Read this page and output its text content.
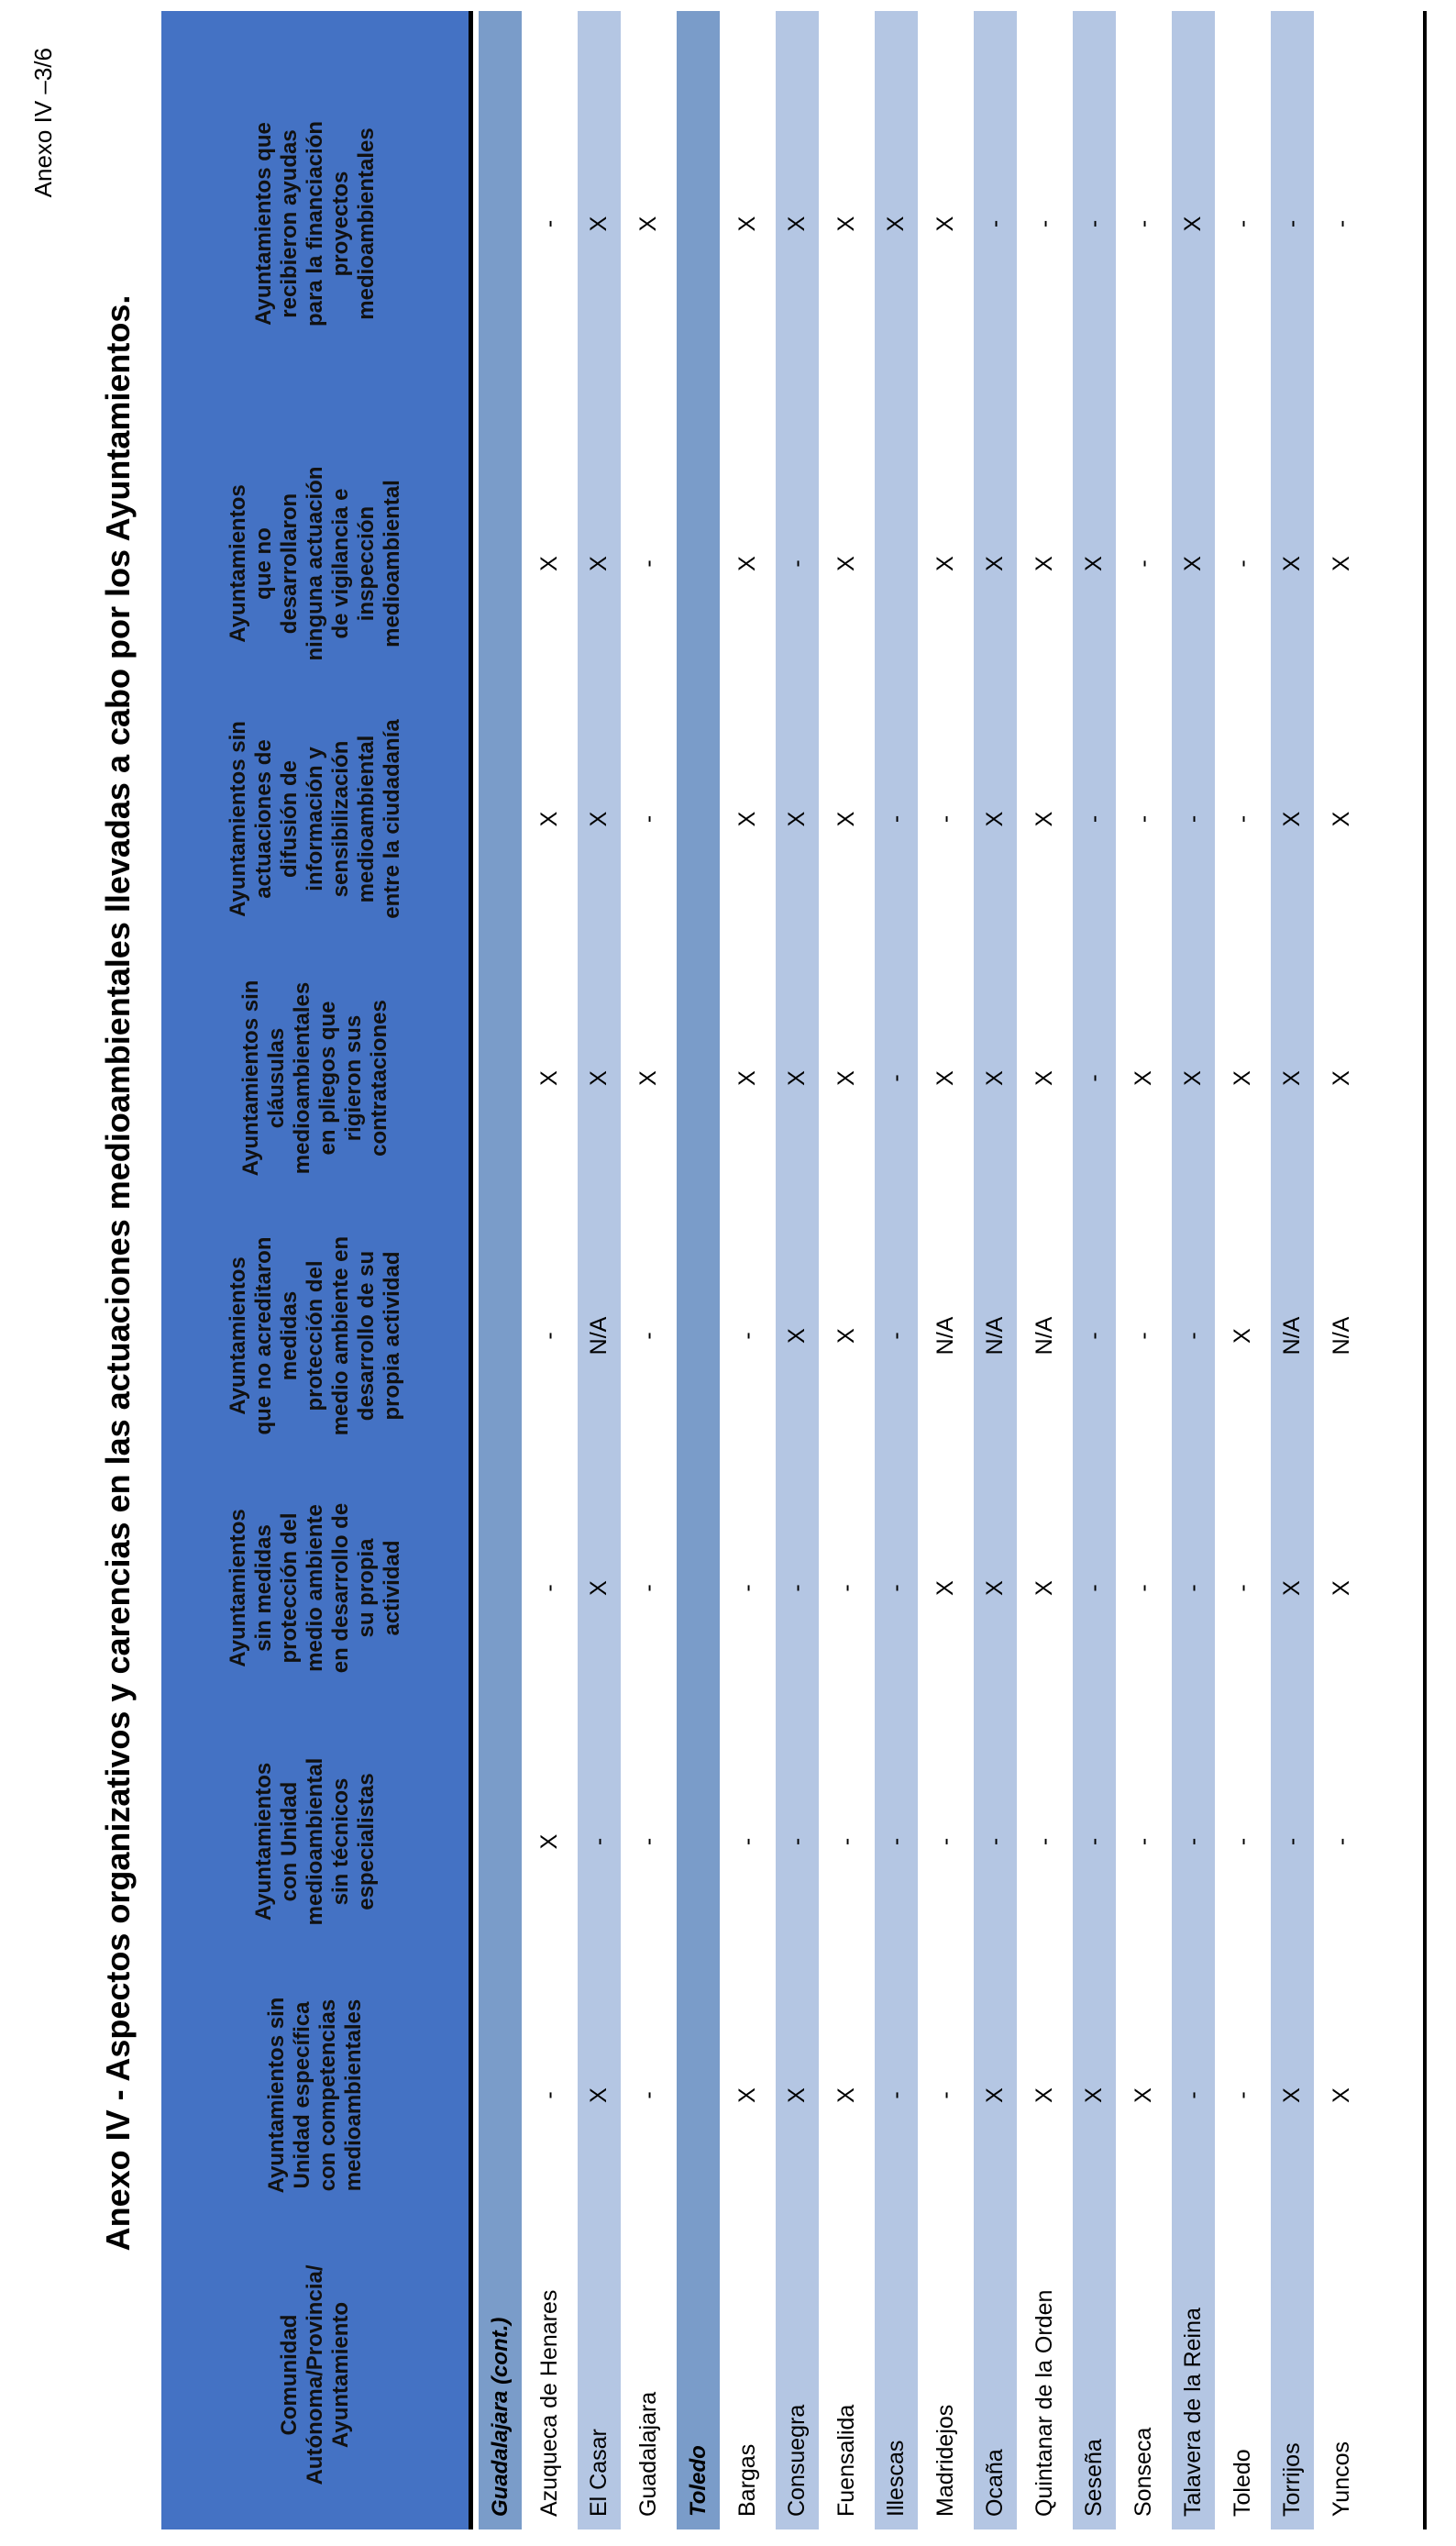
Anexo IV –3/6
Anexo IV - Aspectos organizativos y carencias en las actuaciones medioambientales llevadas a cabo por los Ayuntamientos.
Comunidad Autónoma/Provincia/ Ayuntamiento
Ayuntamientos sin Unidad específica con competencias medioambientales
Ayuntamientos con Unidad medioambiental sin técnicos especialistas
Ayuntamientos sin medidas protección del medio ambiente en desarrollo de su propia actividad
Ayuntamientos que no acreditaron medidas protección del medio ambiente en desarrollo de su propia actividad
Ayuntamientos sin cláusulas medioambientales en pliegos que rigieron sus contrataciones
Ayuntamientos sin actuaciones de difusión de información y sensibilización medioambiental entre la ciudadanía
Ayuntamientos que no desarrollaron ninguna actuación de vigilancia e inspección medioambiental
Ayuntamientos que recibieron ayudas para la financiación proyectos medioambientales
Guadalajara (cont.)	Azuqueca de Henares
-
X
-
-
X
X
X
-
El Casar
X
-
X
N/A
X
X
X
X
Guadalajara
-
-
-
-
X
-
-
X
Toledo	Bargas
X
-
-
-
X
X
X
X
Consuegra
X
-
-
X
X
X
-
X
Fuensalida
X
-
-
X
X
X
X
X
Illescas
-
-
-
-
-
-
X
Madridejos
-
-
X
N/A
X
-
X
X
Ocaña
X
-
X
N/A
X
X
X
-
Quintanar de la Orden
X
-
X
N/A
X
X
X
-
Seseña
X
-
-
-
-
-
X
-
Sonseca
X
-
-
-
X
-
-
-
Talavera de la Reina
-
-
-
-
X
-
X
X
Toledo
-
-
-
X
X
-
-
-
Torrijos
X
-
X
N/A
X
X
X
-
Yuncos
X
-
X
N/A
X
X
X
-
